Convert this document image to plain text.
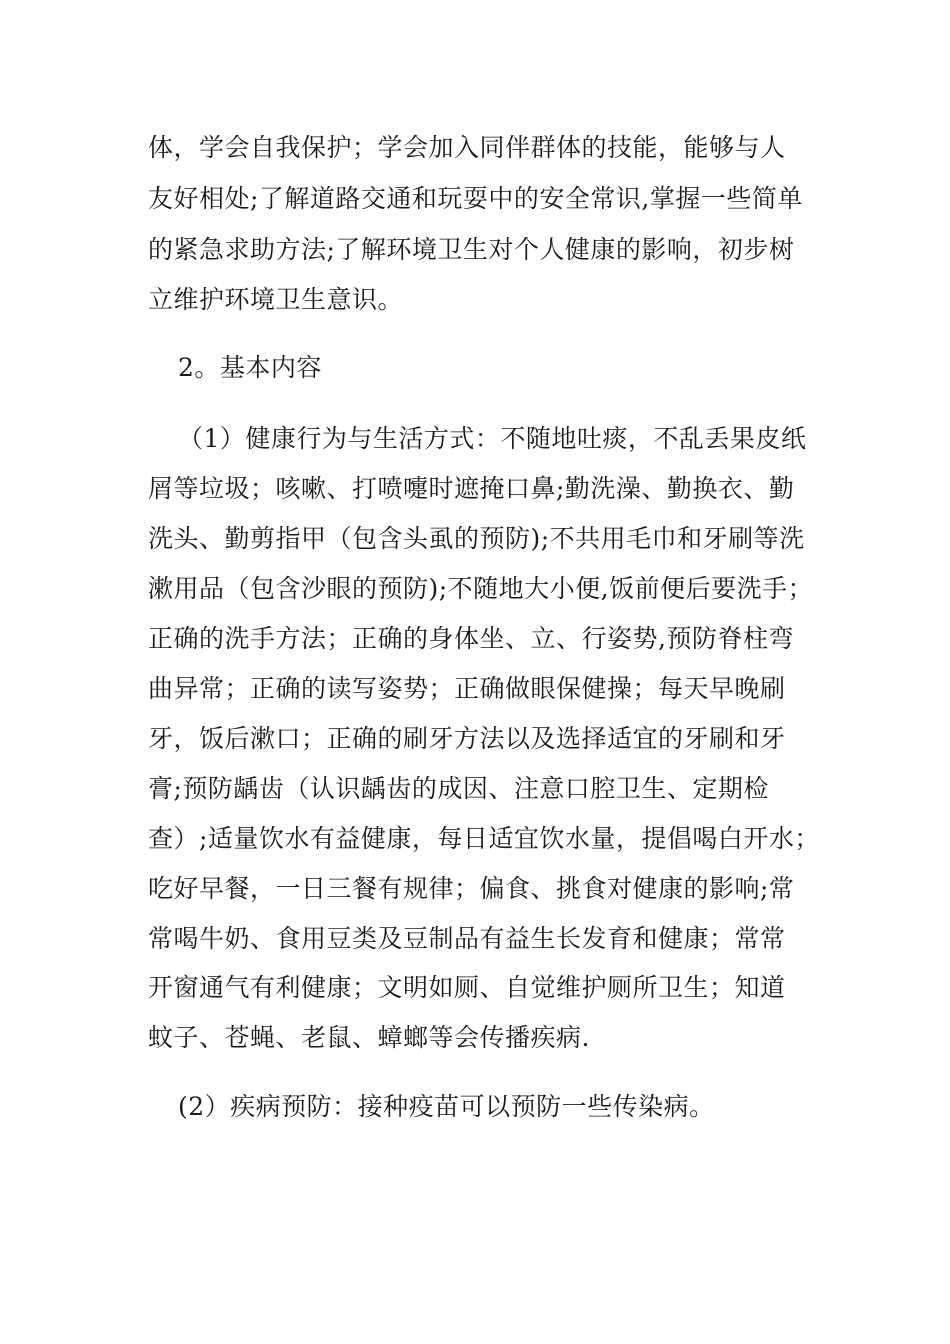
体，学会自我保护；学会加入同伴群体的技能，能够与人
友好相处;了解道路交通和玩耍中的安全常识,掌握一些简单
的紧急求助方法;了解环境卫生对个人健康的影响，初步树
立维护环境卫生意识。
2。基本内容
（1）健康行为与生活方式：不随地吐痰，不乱丢果皮纸
屑等垃圾；咳嗽、打喷嚏时遮掩口鼻;勤洗澡、勤换衣、勤
洗头、勤剪指甲（包含头虱的预防);不共用毛巾和牙刷等洗
漱用品（包含沙眼的预防);不随地大小便,饭前便后要洗手；
正确的洗手方法；正确的身体坐、立、行姿势,预防脊柱弯
曲异常；正确的读写姿势；正确做眼保健操；每天早晚刷
牙，饭后漱口；正确的刷牙方法以及选择适宜的牙刷和牙
膏;预防龋齿（认识龋齿的成因、注意口腔卫生、定期检
查）;适量饮水有益健康，每日适宜饮水量，提倡喝白开水；
吃好早餐，一日三餐有规律；偏食、挑食对健康的影响;常
常喝牛奶、食用豆类及豆制品有益生长发育和健康；常常
开窗通气有利健康；文明如厕、自觉维护厕所卫生；知道
蚊子、苍蝇、老鼠、蟑螂等会传播疾病.
(2）疾病预防：接种疫苗可以预防一些传染病。
